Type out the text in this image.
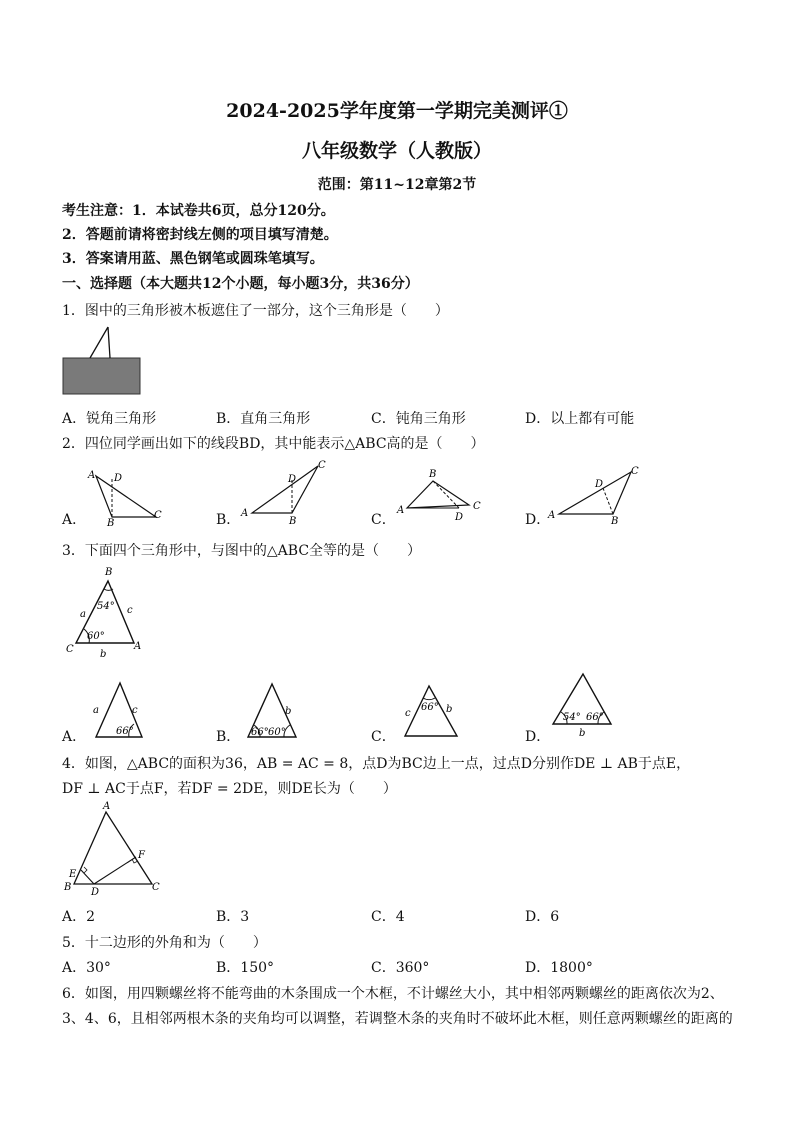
2024-2025学年度第一学期完美测评①
八年级数学（人教版）
范围：第11~12章第2节
考生注意：1．本试卷共6页，总分120分。
2．答题前请将密封线左侧的项目填写清楚。
3．答案请用蓝、黑色钢笔或圆珠笔填写。
一、选择题（本大题共12个小题，每小题3分，共36分）
1．图中的三角形被木板遮住了一部分，这个三角形是（　　）
A．锐角三角形	B．直角三角形	C．钝角三角形	D．以上都有可能
2．四位同学画出如下的线段BD，其中能表示△ABC高的是（　　）
A D
B
C
A．	A
D
B
C
B．
A
B
D
C
C．	A
D
B
C
D．
3．下面四个三角形中，与图中的△ABC全等的是（　　）
B
C	A
a	c
b
54°
60°
a	c
66°
A．
b
66° 60°
B．
66°
c	b
C．
54° 66°
b
D．
4．如图，△ABC的面积为36，AB = AC = 8，点D为BC边上一点，过点D分别作DE ⊥ AB于点E，
DF ⊥ AC于点F，若DF = 2DE，则DE长为（　　）
A
E
B D	C
F
A．2	B．3	C．4	D．6
5．十二边形的外角和为（　　）
A．30°	B．150°	C．360°	D．1800°
6．如图，用四颗螺丝将不能弯曲的木条围成一个木框，不计螺丝大小，其中相邻两颗螺丝的距离依次为2、
3、4、6，且相邻两根木条的夹角均可以调整，若调整木条的夹角时不破坏此木框，则任意两颗螺丝的距离的
